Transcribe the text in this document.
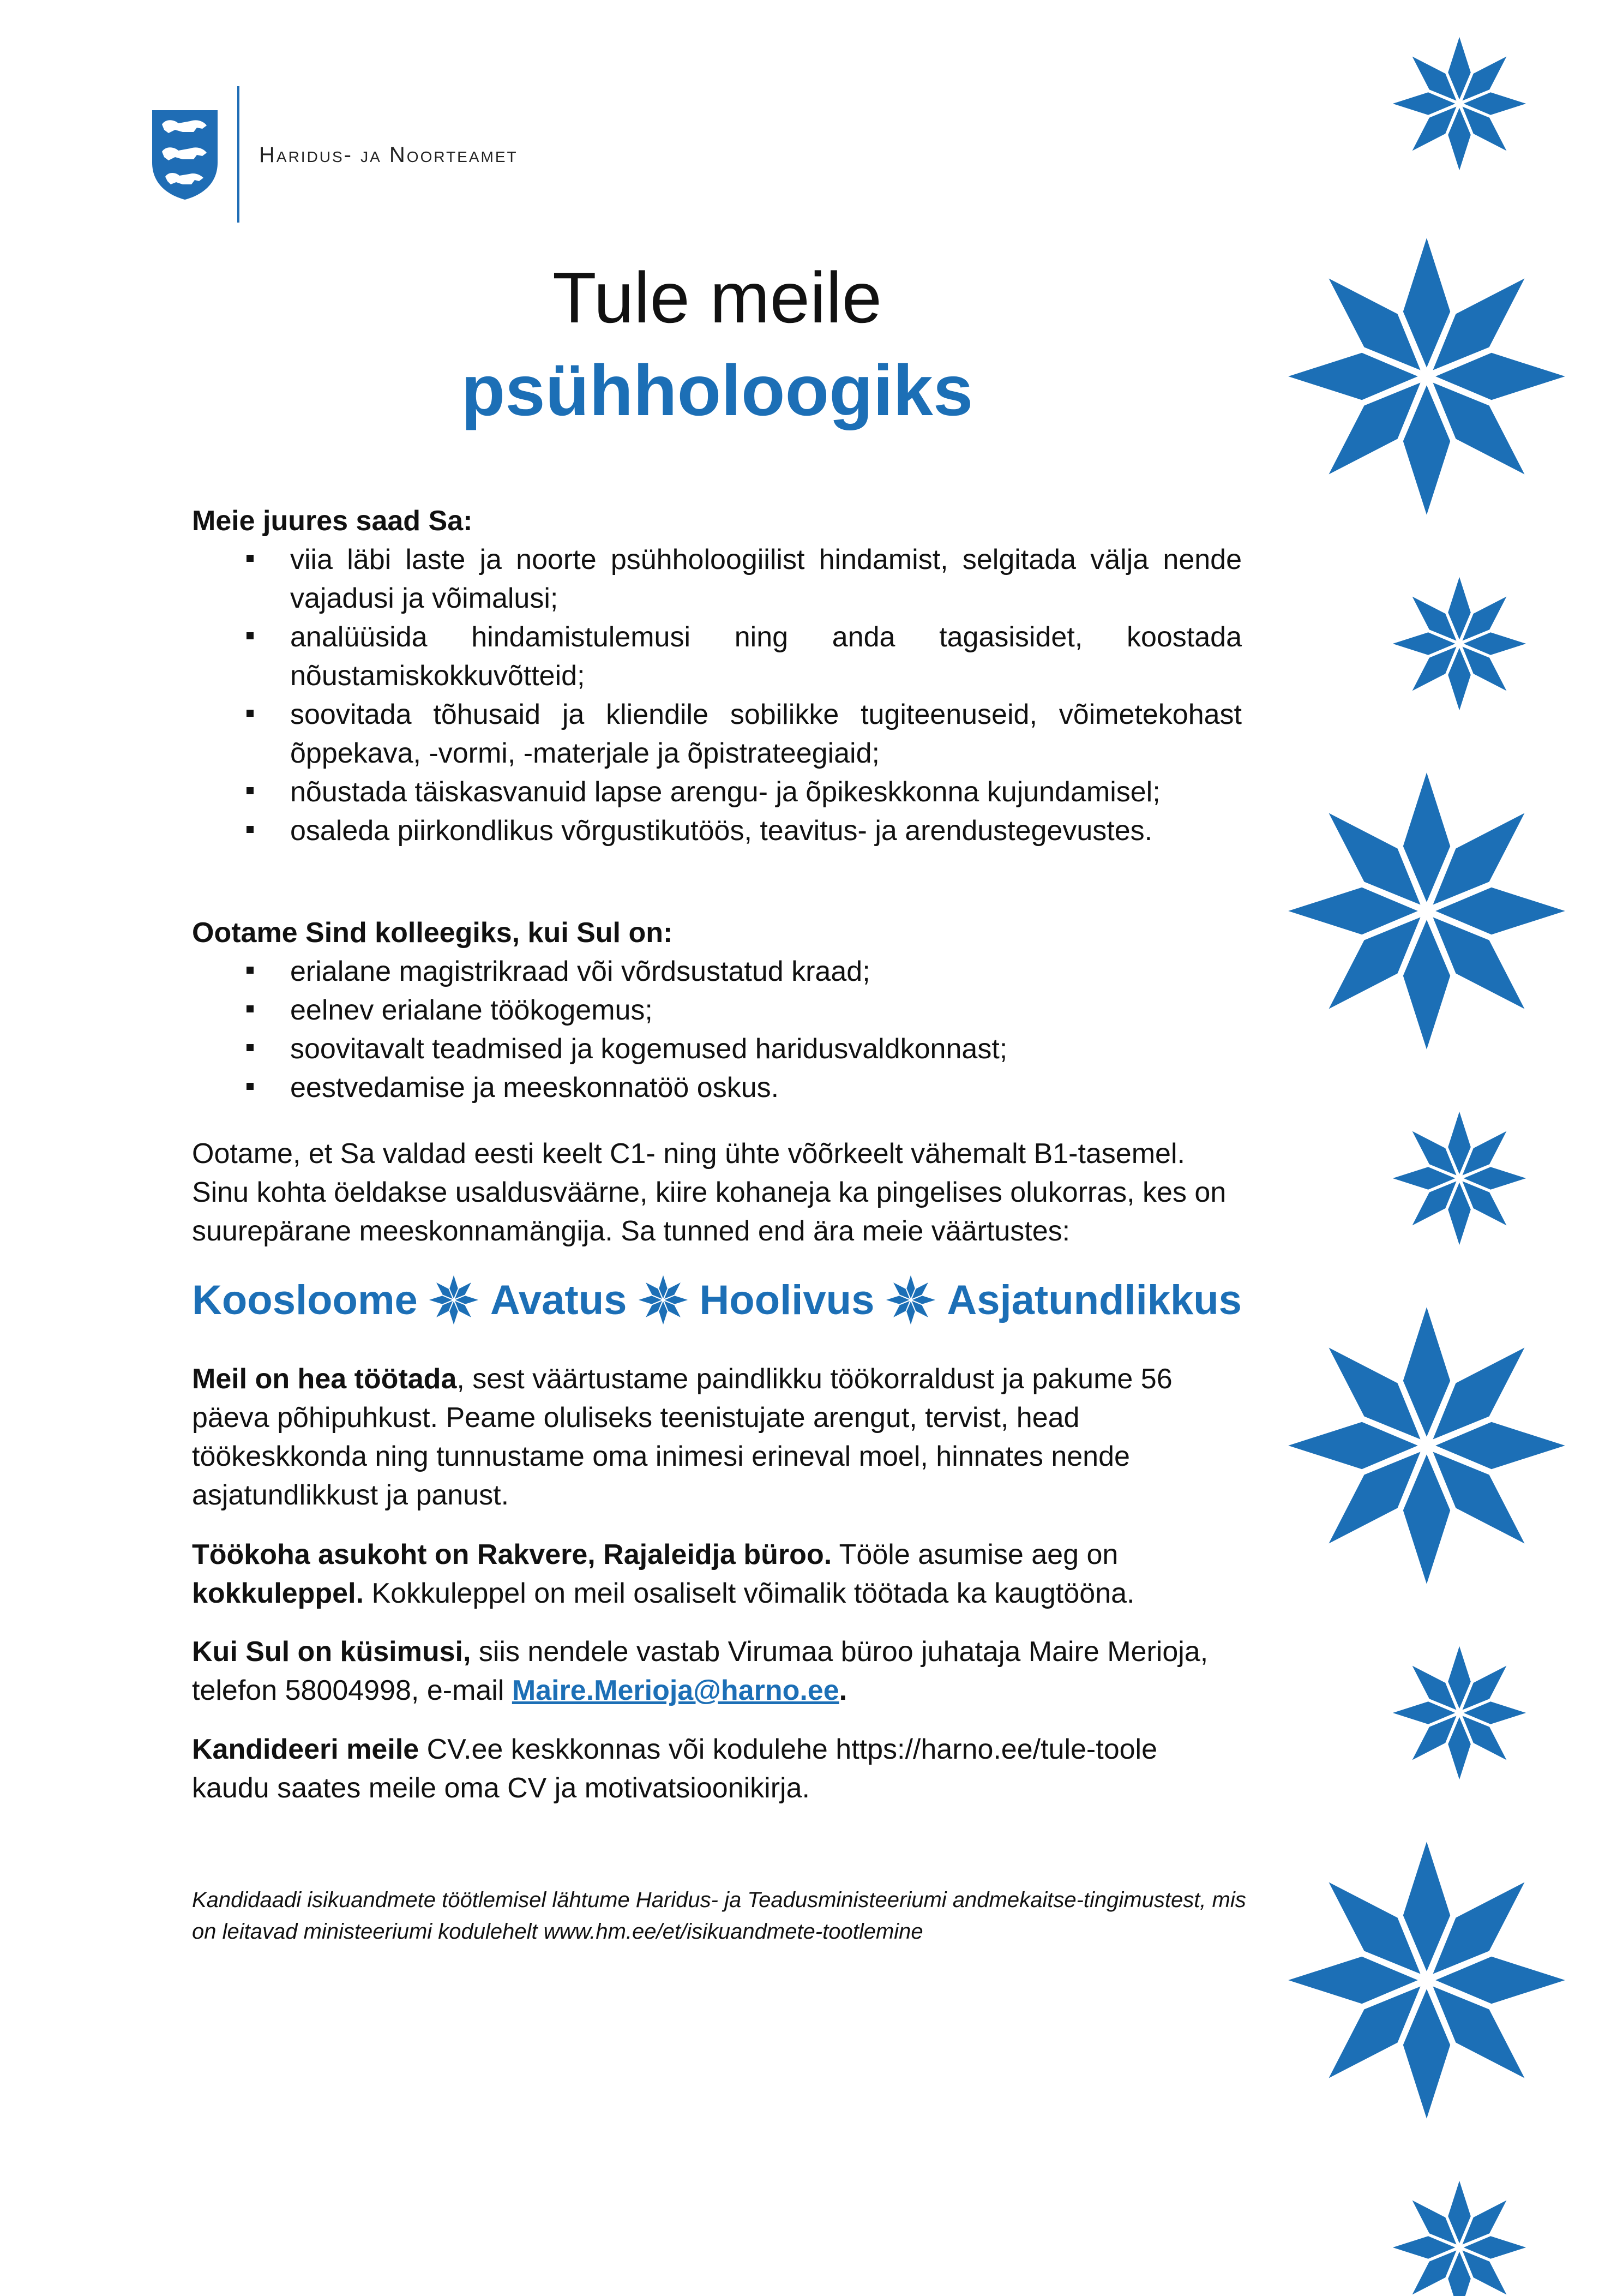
Haridus- ja Noorteamet
Tule meile
psühholoogiks

Meie juures saad Sa:

viia läbi laste ja noorte psühholoogiilist hindamist, selgitada välja nende vajadusi ja võimalusi;
analüüsida hindamistulemusi ning anda tagasisidet, koostada nõustamiskokkuvõtteid;
soovitada tõhusaid ja kliendile sobilikke tugiteenuseid, võimetekohast õppekava, -vormi, -materjale ja õpistrateegiaid;
nõustada täiskasvanuid lapse arengu- ja õpikeskkonna kujundamisel;
osaleda piirkondlikus võrgustikutöös, teavitus- ja arendustegevustes.

Ootame Sind kolleegiks, kui Sul on:

erialane magistrikraad või võrdsustatud kraad;
eelnev erialane töökogemus;
soovitavalt teadmised ja kogemused haridusvaldkonnast;
eestvedamise ja meeskonnatöö oskus.

Ootame, et Sa valdad eesti keelt C1- ning ühte võõrkeelt vähemalt B1-tasemel. Sinu kohta öeldakse usaldusväärne, kiire kohaneja ka pingelises olukorras, kes on suurepärane meeskonnamängija. Sa tunned end ära meie väärtustes:

Koosloome Avatus Hoolivus Asjatundlikkus

Meil on hea töötada, sest väärtustame paindlikku töökorraldust ja pakume 56 päeva põhipuhkust. Peame oluliseks teenistujate arengut, tervist, head töökeskkonda ning tunnustame oma inimesi erineval moel, hinnates nende asjatundlikkust ja panust.

Töökoha asukoht on Rakvere, Rajaleidja büroo. Tööle asumise aeg on kokkuleppel. Kokkuleppel on meil osaliselt võimalik töötada ka kaugtöönа.

Kui Sul on küsimusi, siis nendele vastab Virumaa büroo juhataja Maire Merioja, telefon 58004998, e-mail Maire.Merioja@harno.ee.

Kandideeri meile CV.ee keskkonnas või kodulehe https://harno.ee/tule-toole kaudu saates meile oma CV ja motivatsioonikirja.

Kandidaadi isikuandmete töötlemisel lähtume Haridus- ja Teadusministeeriumi andmekaitse-tingimustest, mis on leitavad ministeeriumi kodulehelt www.hm.ee/et/isikuandmete-tootlemine
